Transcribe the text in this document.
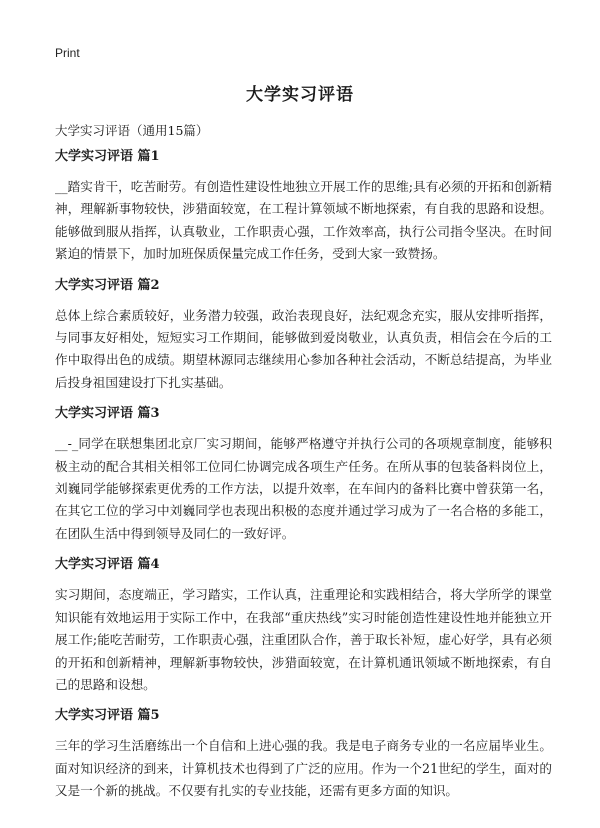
Print
大学实习评语
大学实习评语（通用15篇）
大学实习评语 篇1

__踏实肯干，吃苦耐劳。有创造性建设性地独立开展工作的思维;具有必须的开拓和创新精神，理解新事物较快，涉猎面较宽，在工程计算领域不断地探索，有自我的思路和设想。能够做到服从指挥，认真敬业，工作职责心强，工作效率高，执行公司指令坚决。在时间紧迫的情景下，加时加班保质保量完成工作任务，受到大家一致赞扬。

大学实习评语 篇2

总体上综合素质较好，业务潜力较强，政治表现良好，法纪观念充实，服从安排听指挥，与同事友好相处，短短实习工作期间，能够做到爱岗敬业，认真负责，相信会在今后的工作中取得出色的成绩。期望林源同志继续用心参加各种社会活动，不断总结提高，为毕业后投身祖国建设打下扎实基础。

大学实习评语 篇3

__-_同学在联想集团北京厂实习期间，能够严格遵守并执行公司的各项规章制度，能够积极主动的配合其相关相邻工位同仁协调完成各项生产任务。在所从事的包装备料岗位上，刘巍同学能够探索更优秀的工作方法，以提升效率，在车间内的备料比赛中曾获第一名，在其它工位的学习中刘巍同学也表现出积极的态度并通过学习成为了一名合格的多能工，在团队生活中得到领导及同仁的一致好评。

大学实习评语 篇4

实习期间，态度端正，学习踏实，工作认真，注重理论和实践相结合，将大学所学的课堂知识能有效地运用于实际工作中，在我部“重庆热线”实习时能创造性建设性地并能独立开展工作;能吃苦耐劳，工作职责心强，注重团队合作，善于取长补短，虚心好学，具有必须的开拓和创新精神，理解新事物较快，涉猎面较宽，在计算机通讯领域不断地探索，有自己的思路和设想。

大学实习评语 篇5

三年的学习生活磨练出一个自信和上进心强的我。我是电子商务专业的一名应届毕业生。面对知识经济的到来，计算机技术也得到了广泛的应用。作为一个21世纪的学生，面对的又是一个新的挑战。不仅要有扎实的专业技能，还需有更多方面的知识。
